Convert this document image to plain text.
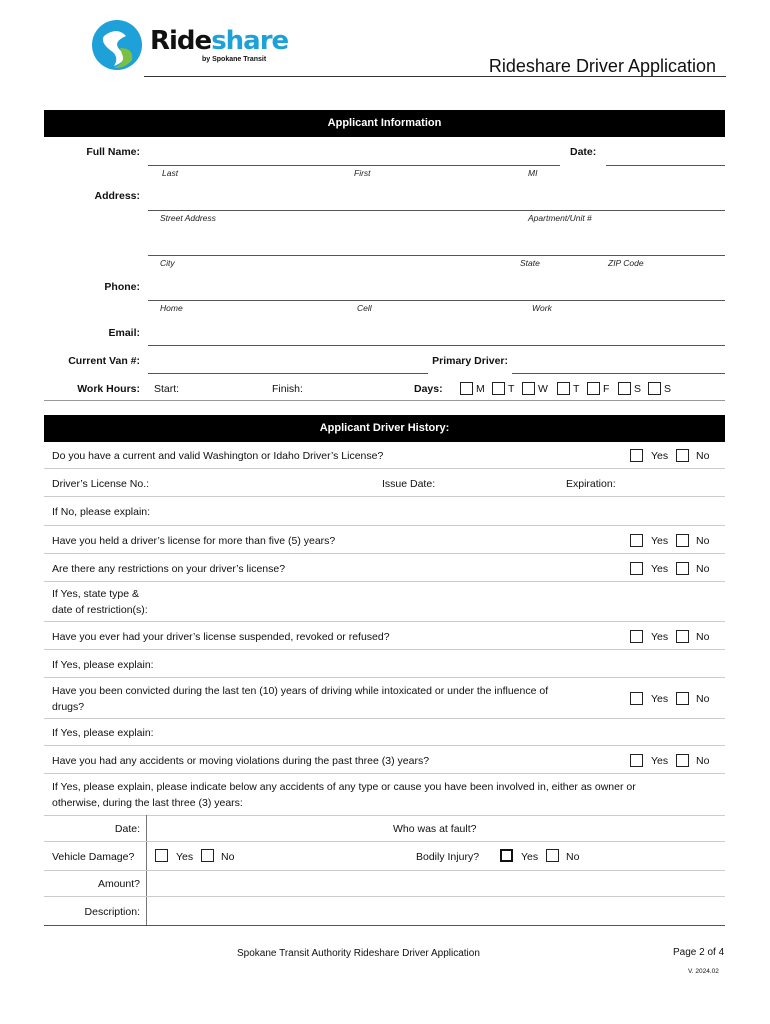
Rideshare
by Spokane Transit	Rideshare Driver Application
Applicant Information
Full Name:
Last	First	MI
Date:
Address:
Street Address	Apartment/Unit #
City	State	ZIP Code
Phone:
Home	Cell	Work
Email:
Current Van #:	Primary Driver:
Work Hours: Start:	Finish:	Days:	M T W T F S S
Applicant Driver History:
Do you have a current and valid Washington or Idaho Driver’s License?	Yes	No
Driver’s License No.:	Issue Date:	Expiration:
If No, please explain:
Have you held a driver’s license for more than five (5) years?	Yes	No
Are there any restrictions on your driver’s license?	Yes	No
If Yes, state type &
date of restriction(s):
Have you ever had your driver’s license suspended, revoked or refused?	Yes	No
If Yes, please explain:
Have you been convicted during the last ten (10) years of driving while intoxicated or under the influence of
drugs?
Yes	No
If Yes, please explain:
Have you had any accidents or moving violations during the past three (3) years?	Yes	No
If Yes, please explain, please indicate below any accidents of any type or cause you have been involved in, either as owner or
otherwise, during the last three (3) years:
Date:	Who was at fault?
Vehicle Damage?	Yes	No	Bodily Injury?	Yes	No
Amount?
Description:
Spokane Transit Authority Rideshare Driver Application	Page 2 of 4
V. 2024.02
